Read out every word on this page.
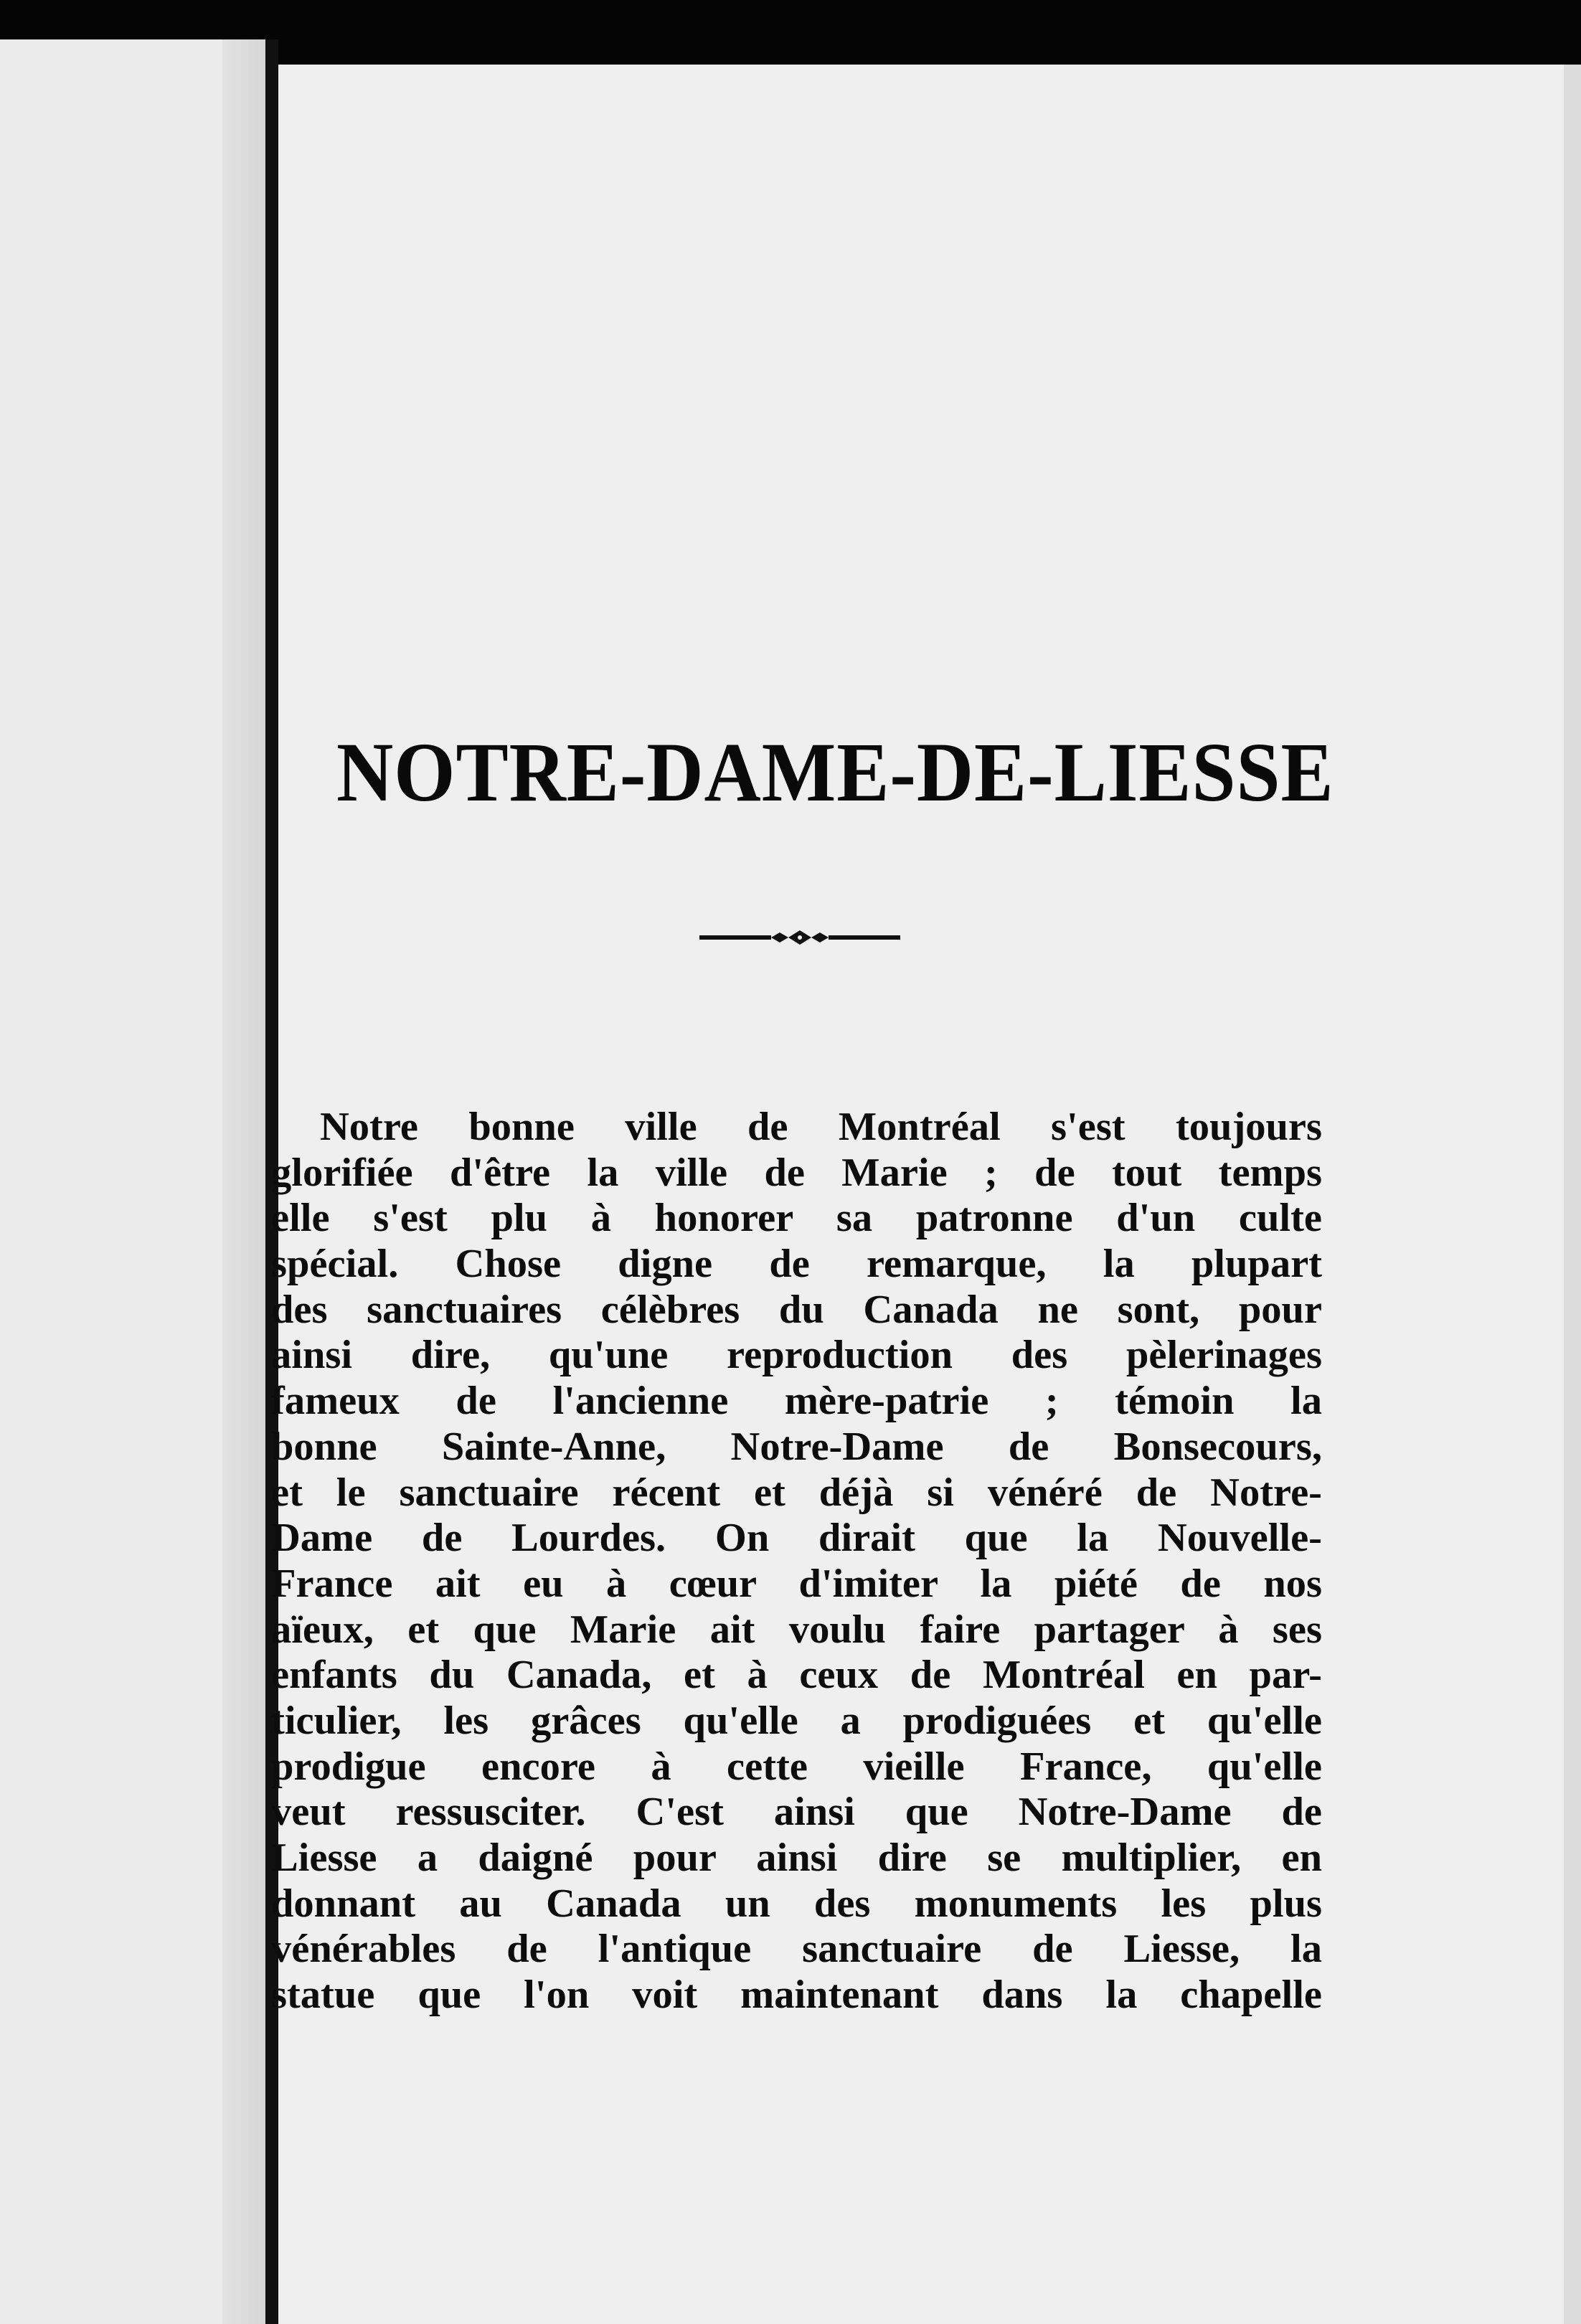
NOTRE-DAME-DE-LIESSE
Notre bonne ville de Montréal s'est toujours
glorifiée d'être la ville de Marie ; de tout temps
elle s'est plu à honorer sa patronne d'un culte
spécial. Chose digne de remarque, la plupart
des sanctuaires célèbres du Canada ne sont, pour
ainsi dire, qu'une reproduction des pèlerinages
fameux de l'ancienne mère-patrie ; témoin la
bonne Sainte-Anne, Notre-Dame de Bonsecours,
et le sanctuaire récent et déjà si vénéré de Notre-
Dame de Lourdes. On dirait que la Nouvelle-
France ait eu à cœur d'imiter la piété de nos
aïeux, et que Marie ait voulu faire partager à ses
enfants du Canada, et à ceux de Montréal en par-
ticulier, les grâces qu'elle a prodiguées et qu'elle
prodigue encore à cette vieille France, qu'elle
veut ressusciter. C'est ainsi que Notre-Dame de
Liesse a daigné pour ainsi dire se multiplier, en
donnant au Canada un des monuments les plus
vénérables de l'antique sanctuaire de Liesse, la
statue que l'on voit maintenant dans la chapelle
